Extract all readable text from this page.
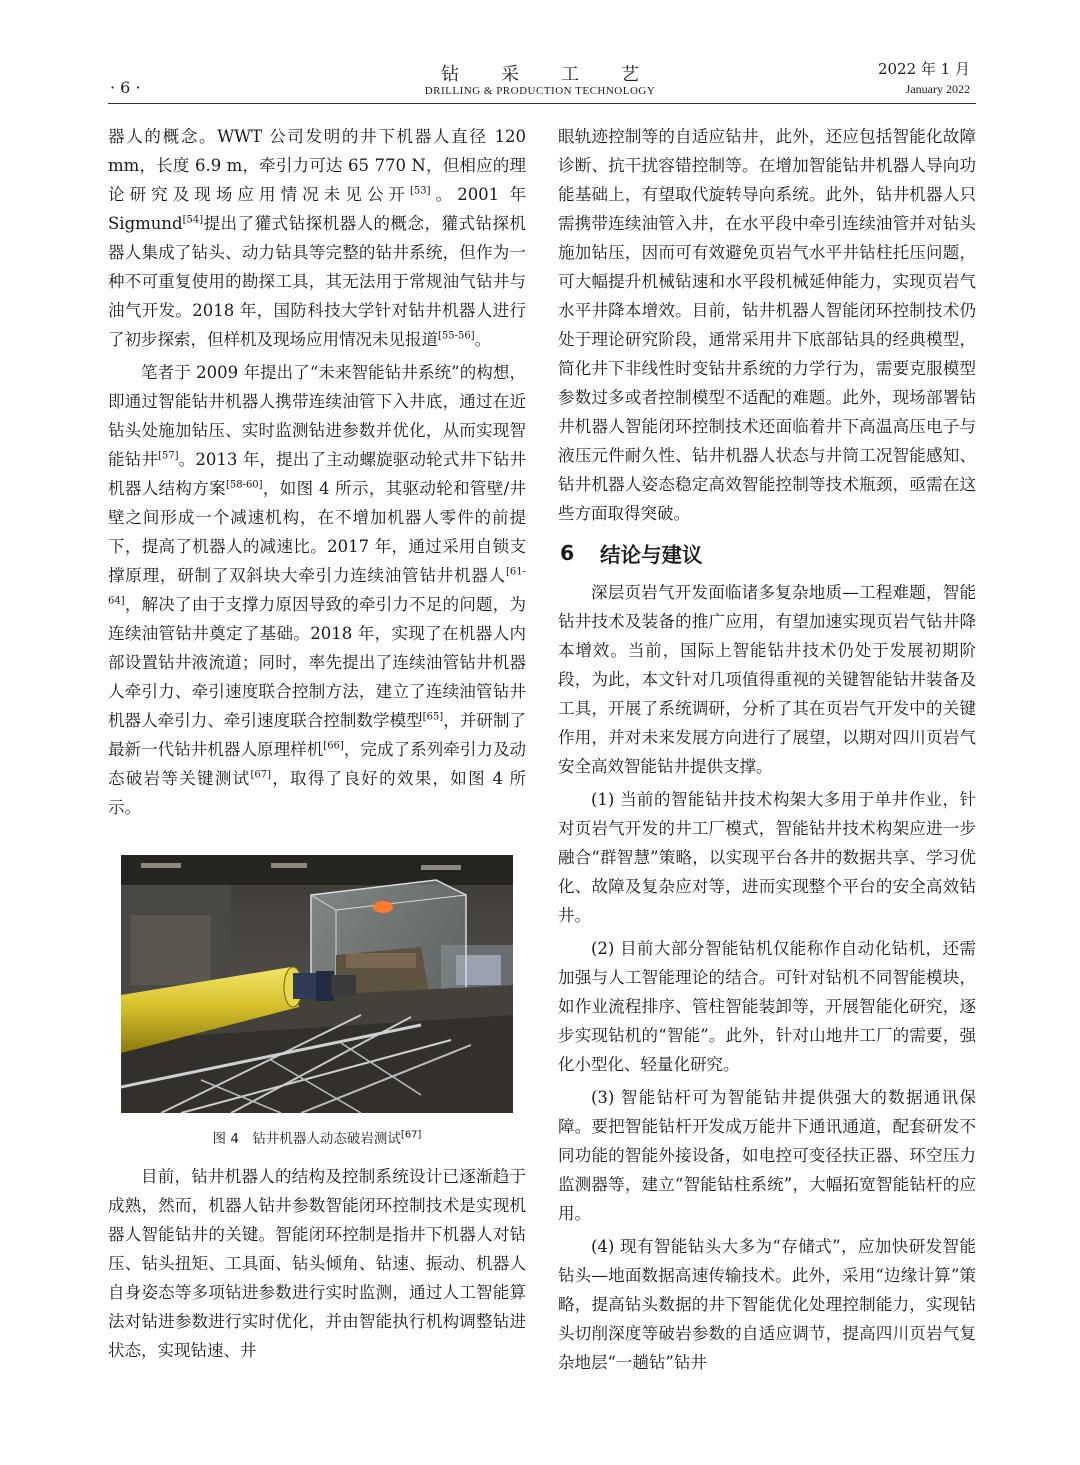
· 6 ·
钻采工艺
DRILLING & PRODUCTION TECHNOLOGY
2022 年 1 月
January 2022

器人的概念。WWT 公司发明的井下机器人直径 120 mm，长度 6.9 m，牵引力可达 65 770 N，但相应的理论研究及现场应用情况未见公开[53]。2001 年 Sigmund[54]提出了獾式钻探机器人的概念，獾式钻探机器人集成了钻头、动力钻具等完整的钻井系统，但作为一种不可重复使用的勘探工具，其无法用于常规油气钻井与油气开发。2018 年，国防科技大学针对钻井机器人进行了初步探索，但样机及现场应用情况未见报道[55-56]。

笔者于 2009 年提出了“未来智能钻井系统”的构想，即通过智能钻井机器人携带连续油管下入井底，通过在近钻头处施加钻压、实时监测钻进参数并优化，从而实现智能钻井[57]。2013 年，提出了主动螺旋驱动轮式井下钻井机器人结构方案[58-60]，如图 4 所示，其驱动轮和管壁/井壁之间形成一个减速机构，在不增加机器人零件的前提下，提高了机器人的减速比。2017 年，通过采用自锁支撑原理，研制了双斜块大牵引力连续油管钻井机器人[61-64]，解决了由于支撑力原因导致的牵引力不足的问题，为连续油管钻井奠定了基础。2018 年，实现了在机器人内部设置钻井液流道；同时，率先提出了连续油管钻井机器人牵引力、牵引速度联合控制方法，建立了连续油管钻井机器人牵引力、牵引速度联合控制数学模型[65]，并研制了最新一代钻井机器人原理样机[66]，完成了系列牵引力及动态破岩等关键测试[67]，取得了良好的效果，如图 4 所示。

图 4　钻井机器人动态破岩测试[67]

目前，钻井机器人的结构及控制系统设计已逐渐趋于成熟，然而，机器人钻井参数智能闭环控制技术是实现机器人智能钻井的关键。智能闭环控制是指井下机器人对钻压、钻头扭矩、工具面、钻头倾角、钻速、振动、机器人自身姿态等多项钻进参数进行实时监测，通过人工智能算法对钻进参数进行实时优化，并由智能执行机构调整钻进状态，实现钻速、井

眼轨迹控制等的自适应钻井，此外，还应包括智能化故障诊断、抗干扰容错控制等。在增加智能钻井机器人导向功能基础上，有望取代旋转导向系统。此外，钻井机器人只需携带连续油管入井，在水平段中牵引连续油管并对钻头施加钻压，因而可有效避免页岩气水平井钻柱托压问题，可大幅提升机械钻速和水平段机械延伸能力，实现页岩气水平井降本增效。目前，钻井机器人智能闭环控制技术仍处于理论研究阶段，通常采用井下底部钻具的经典模型，简化井下非线性时变钻井系统的力学行为，需要克服模型参数过多或者控制模型不适配的难题。此外，现场部署钻井机器人智能闭环控制技术还面临着井下高温高压电子与液压元件耐久性、钻井机器人状态与井筒工况智能感知、钻井机器人姿态稳定高效智能控制等技术瓶颈，亟需在这些方面取得突破。

6	结论与建议

深层页岩气开发面临诸多复杂地质—工程难题，智能钻井技术及装备的推广应用，有望加速实现页岩气钻井降本增效。当前，国际上智能钻井技术仍处于发展初期阶段，为此，本文针对几项值得重视的关键智能钻井装备及工具，开展了系统调研，分析了其在页岩气开发中的关键作用，并对未来发展方向进行了展望，以期对四川页岩气安全高效智能钻井提供支撑。

(1) 当前的智能钻井技术构架大多用于单井作业，针对页岩气开发的井工厂模式，智能钻井技术构架应进一步融合“群智慧”策略，以实现平台各井的数据共享、学习优化、故障及复杂应对等，进而实现整个平台的安全高效钻井。

(2) 目前大部分智能钻机仅能称作自动化钻机，还需加强与人工智能理论的结合。可针对钻机不同智能模块，如作业流程排序、管柱智能装卸等，开展智能化研究，逐步实现钻机的“智能”。此外，针对山地井工厂的需要，强化小型化、轻量化研究。

(3) 智能钻杆可为智能钻井提供强大的数据通讯保障。要把智能钻杆开发成万能井下通讯通道，配套研发不同功能的智能外接设备，如电控可变径扶正器、环空压力监测器等，建立“智能钻柱系统”，大幅拓宽智能钻杆的应用。

(4) 现有智能钻头大多为“存储式”，应加快研发智能钻头—地面数据高速传输技术。此外，采用“边缘计算”策略，提高钻头数据的井下智能优化处理控制能力，实现钻头切削深度等破岩参数的自适应调节，提高四川页岩气复杂地层“一趟钻”钻井
